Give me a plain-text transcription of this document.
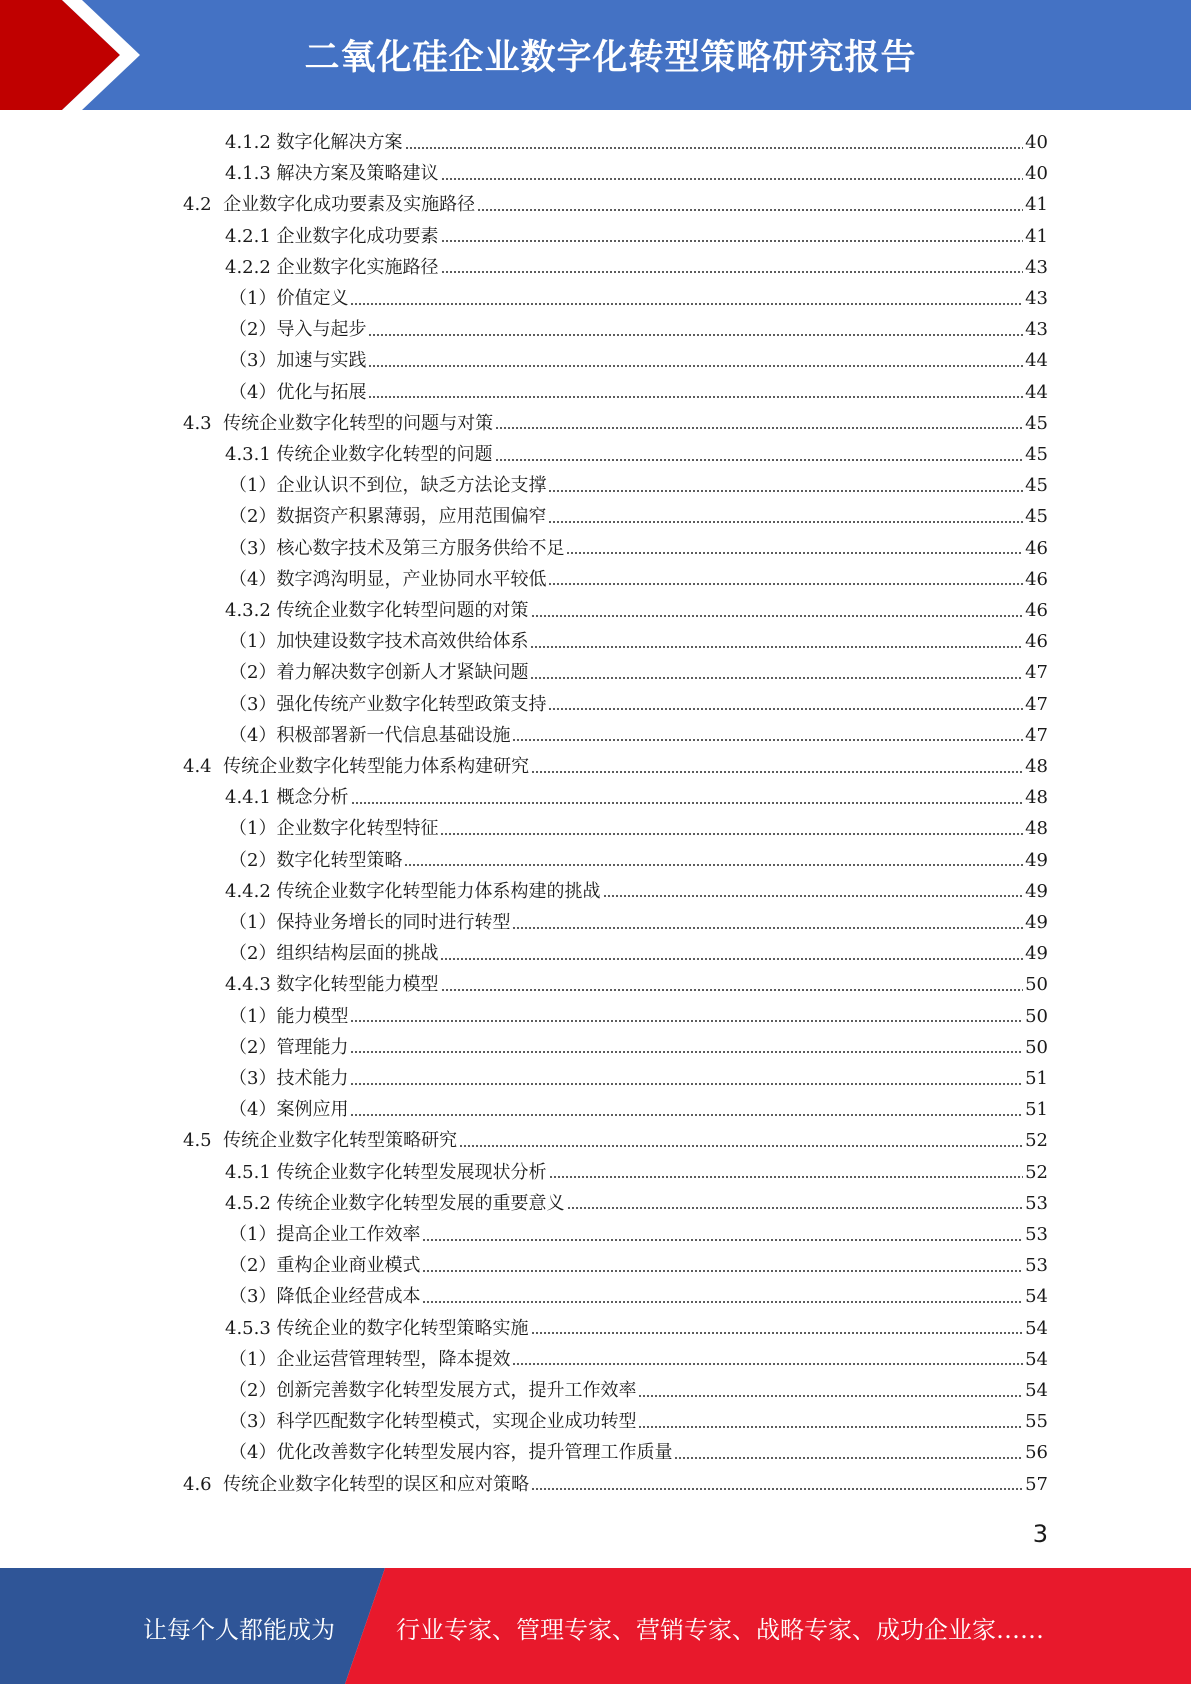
二氧化硅企业数字化转型策略研究报告
4.1.2 数字化解决方案	40
4.1.3 解决方案及策略建议	40
4.2 企业数字化成功要素及实施路径	41
4.2.1 企业数字化成功要素	41
4.2.2 企业数字化实施路径	43
（1）价值定义	43
（2）导入与起步	43
（3）加速与实践	44
（4）优化与拓展	44
4.3 传统企业数字化转型的问题与对策	45
4.3.1 传统企业数字化转型的问题	45
（1）企业认识不到位，缺乏方法论支撑	45
（2）数据资产积累薄弱，应用范围偏窄	45
（3）核心数字技术及第三方服务供给不足	46
（4）数字鸿沟明显，产业协同水平较低	46
4.3.2 传统企业数字化转型问题的对策	46
（1）加快建设数字技术高效供给体系	46
（2）着力解决数字创新人才紧缺问题	47
（3）强化传统产业数字化转型政策支持	47
（4）积极部署新一代信息基础设施	47
4.4 传统企业数字化转型能力体系构建研究	48
4.4.1 概念分析	48
（1）企业数字化转型特征	48
（2）数字化转型策略	49
4.4.2 传统企业数字化转型能力体系构建的挑战	49
（1）保持业务增长的同时进行转型	49
（2）组织结构层面的挑战	49
4.4.3 数字化转型能力模型	50
（1）能力模型	50
（2）管理能力	50
（3）技术能力	51
（4）案例应用	51
4.5 传统企业数字化转型策略研究	52
4.5.1 传统企业数字化转型发展现状分析	52
4.5.2 传统企业数字化转型发展的重要意义	53
（1）提高企业工作效率	53
（2）重构企业商业模式	53
（3）降低企业经营成本	54
4.5.3 传统企业的数字化转型策略实施	54
（1）企业运营管理转型，降本提效	54
（2）创新完善数字化转型发展方式，提升工作效率	54
（3）科学匹配数字化转型模式，实现企业成功转型	55
（4）优化改善数字化转型发展内容，提升管理工作质量	56
4.6 传统企业数字化转型的误区和应对策略	57
3
让每个人都能成为	行业专家、管理专家、营销专家、战略专家、成功企业家……
